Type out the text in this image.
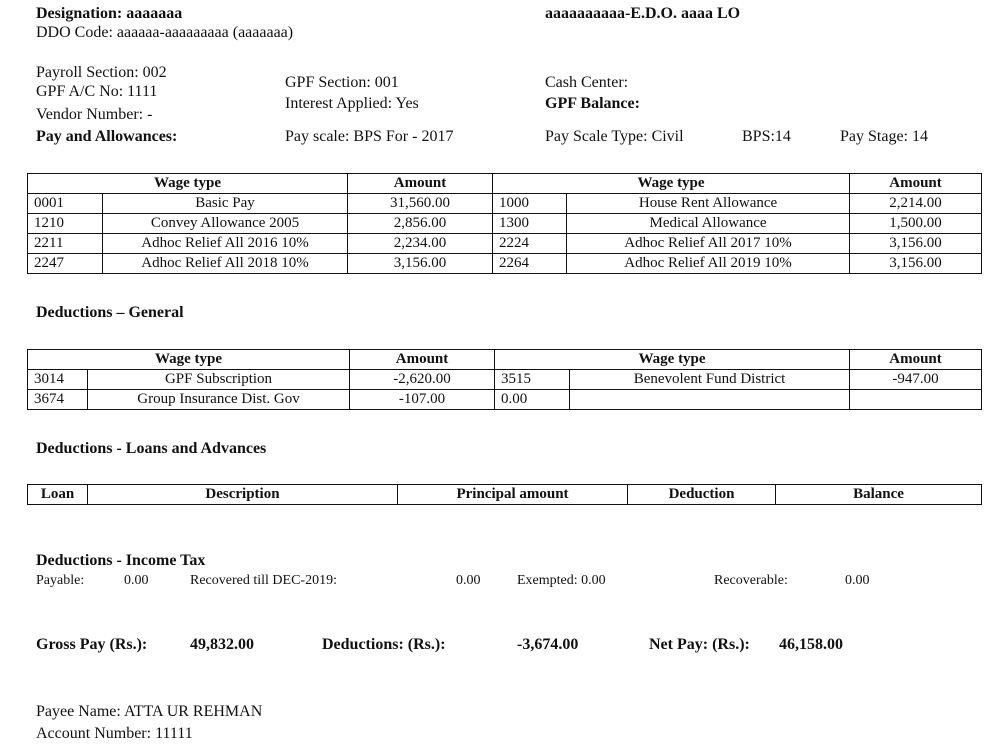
Designation: aaaaaaa	aaaaaaaaaa-E.D.O. aaaa LO
DDO Code: aaaaaa-aaaaaaaaa (aaaaaaa)
Payroll Section: 002
GPF A/C No: 1111
Vendor Number: -
GPF Section: 001
Interest Applied: Yes
Cash Center:
GPF Balance:
Pay and Allowances:	Pay scale: BPS For - 2017	Pay Scale Type: Civil	BPS:14	Pay Stage: 14
Wage type		Amount	Wage type		Amount
0001	Basic Pay	31,560.00	1000	House Rent Allowance	2,214.00
1210	Convey Allowance 2005	2,856.00	1300	Medical Allowance	1,500.00
2211	Adhoc Relief All 2016 10%	2,234.00	2224	Adhoc Relief All 2017 10%	3,156.00
2247	Adhoc Relief All 2018 10%	3,156.00	2264	Adhoc Relief All 2019 10%	3,156.00
Deductions – General
Wage type		Amount	Wage type		Amount
3014	GPF Subscription	-2,620.00	3515	Benevolent Fund District	-947.00
3674	Group Insurance Dist. Gov	-107.00	0.00		
Deductions - Loans and Advances
Loan	Description	Principal amount	Deduction	Balance
Deductions - Income Tax
Payable:	0.00	Recovered till DEC-2019:	0.00	Exempted: 0.00	Recoverable:	0.00
Gross Pay (Rs.):	49,832.00	Deductions: (Rs.):	-3,674.00	Net Pay: (Rs.): 46,158.00
Payee Name: ATTA UR REHMAN
Account Number: 11111
